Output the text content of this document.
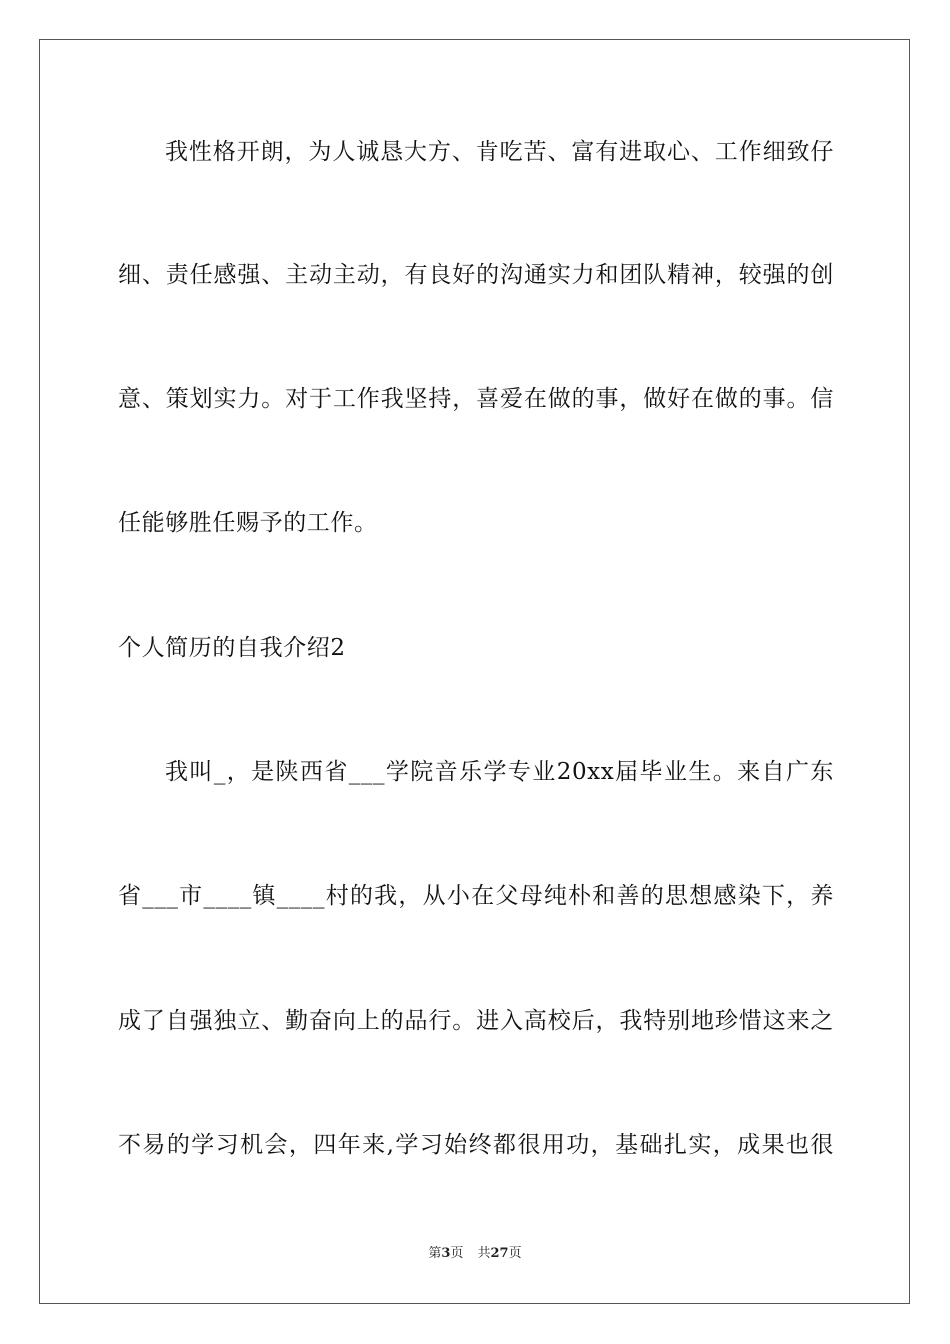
我性格开朗，为人诚恳大方、肯吃苦、富有进取心、工作细致仔
细、责任感强、主动主动，有良好的沟通实力和团队精神，较强的创
意、策划实力。对于工作我坚持，喜爱在做的事，做好在做的事。信
任能够胜任赐予的工作。
个人简历的自我介绍2
我叫_，是陕西省___学院音乐学专业20xx届毕业生。来自广东
省___市____镇____村的我，从小在父母纯朴和善的思想感染下，养
成了自强独立、勤奋向上的品行。进入高校后，我特别地珍惜这来之
不易的学习机会，四年来,学习始终都很用功，基础扎实，成果也很
第3页 共27页
